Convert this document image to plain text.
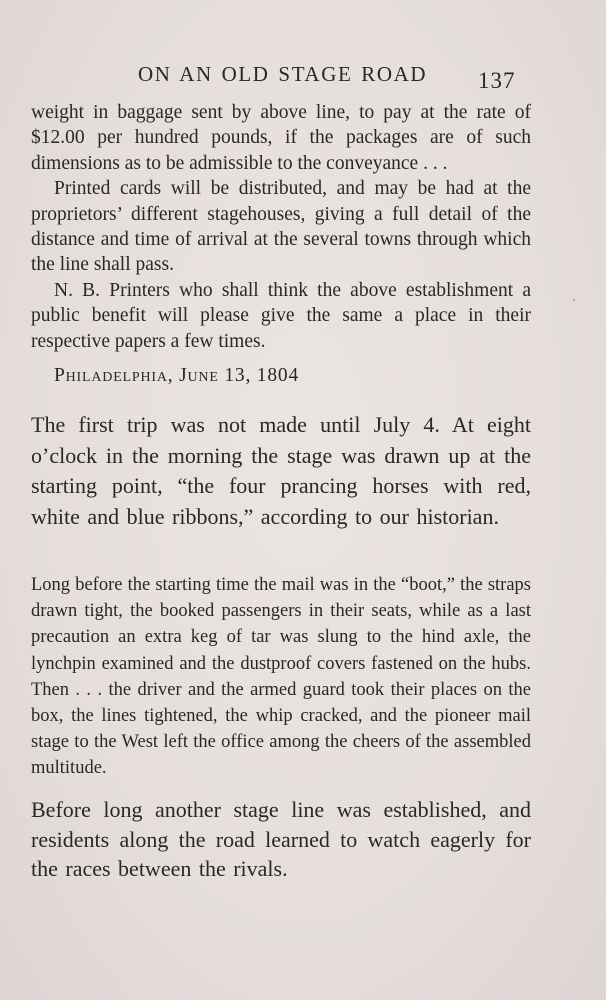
ON AN OLD STAGE ROAD 137

weight in baggage sent by above line, to pay at the rate of $12.00 per hundred pounds, if the packages are of such dimensions as to be admissible to the conveyance . . .

Printed cards will be distributed, and may be had at the proprietors’ different stagehouses, giving a full detail of the distance and time of arrival at the several towns through which the line shall pass.

N. B. Printers who shall think the above establishment a public benefit will please give the same a place in their respective papers a few times.

Philadelphia, June 13, 1804

The first trip was not made until July 4. At eight o’clock in the morning the stage was drawn up at the starting point, “the four prancing horses with red, white and blue ribbons,” according to our historian.

Long before the starting time the mail was in the “boot,” the straps drawn tight, the booked passengers in their seats, while as a last precaution an extra keg of tar was slung to the hind axle, the lynchpin examined and the dustproof covers fastened on the hubs. Then . . . the driver and the armed guard took their places on the box, the lines tightened, the whip cracked, and the pioneer mail stage to the West left the office among the cheers of the assembled multitude.

Before long another stage line was established, and residents along the road learned to watch eagerly for the races between the rivals.
